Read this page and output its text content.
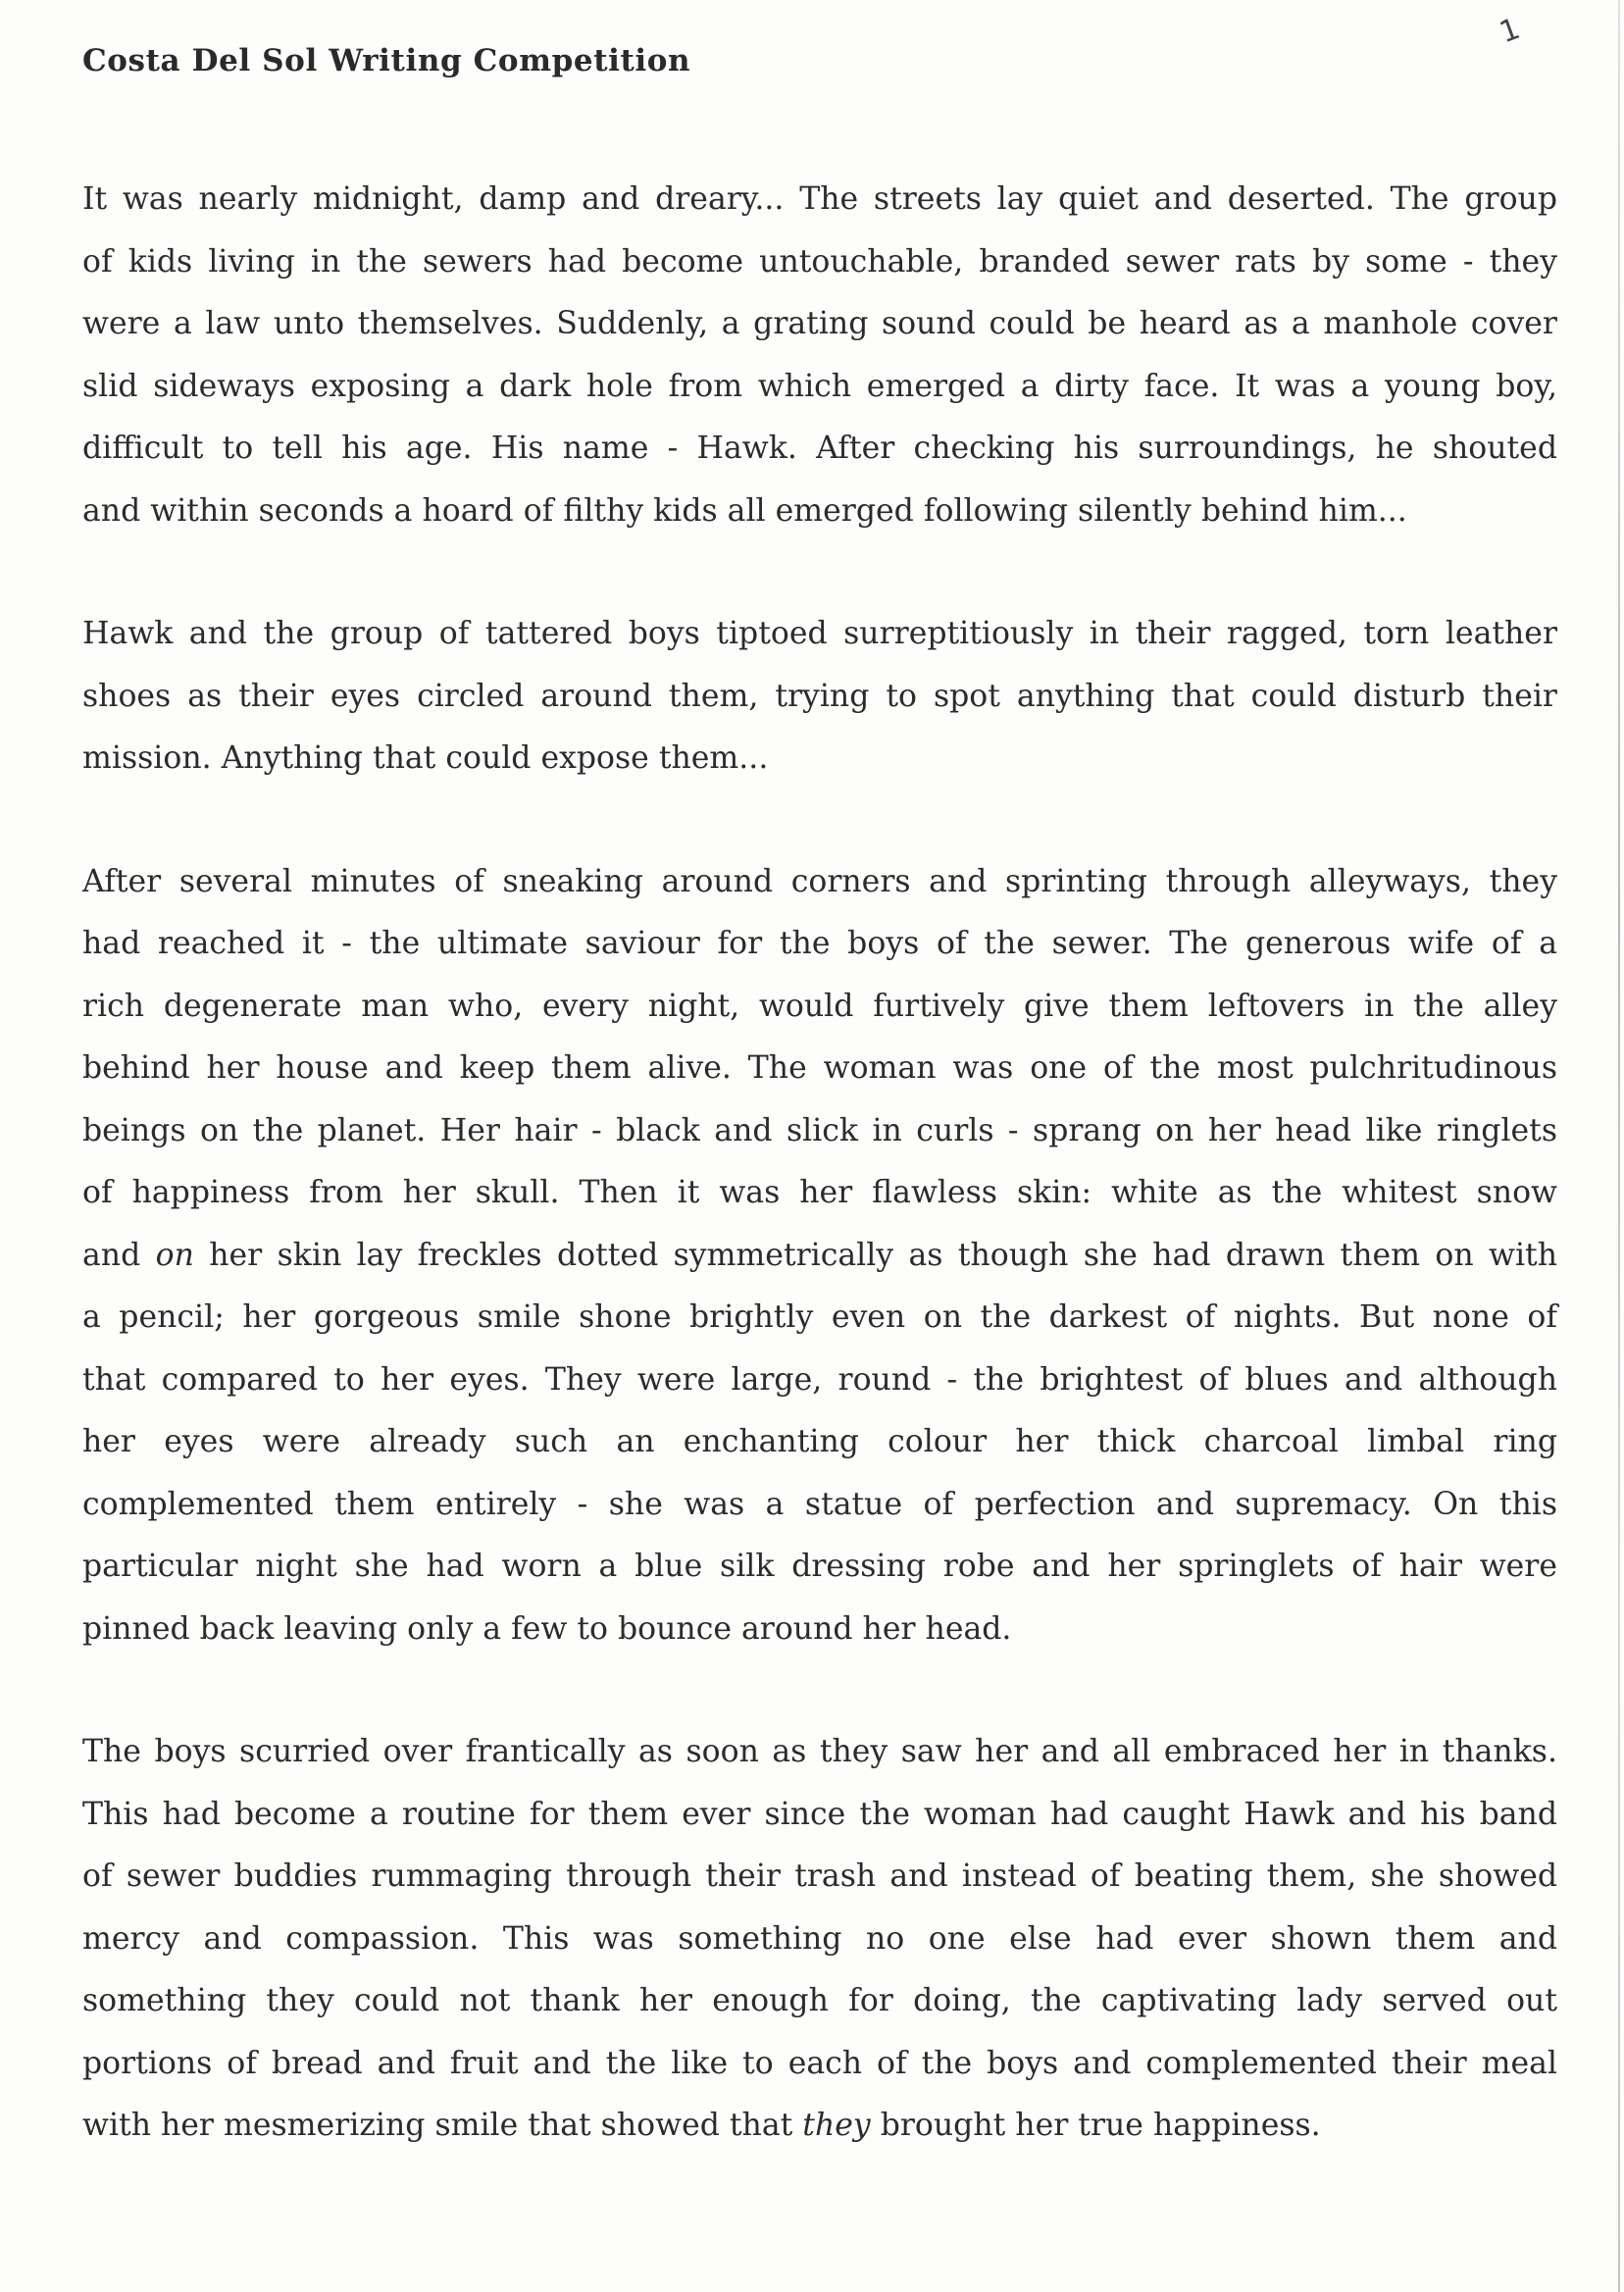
1
Costa Del Sol Writing Competition

It was nearly midnight, damp and dreary... The streets lay quiet and deserted. The group
of kids living in the sewers had become untouchable, branded sewer rats by some - they
were a law unto themselves. Suddenly, a grating sound could be heard as a manhole cover
slid sideways exposing a dark hole from which emerged a dirty face. It was a young boy,
difficult to tell his age. His name - Hawk. After checking his surroundings, he shouted
and within seconds a hoard of filthy kids all emerged following silently behind him...

Hawk and the group of tattered boys tiptoed surreptitiously in their ragged, torn leather
shoes as their eyes circled around them, trying to spot anything that could disturb their
mission. Anything that could expose them...

After several minutes of sneaking around corners and sprinting through alleyways, they
had reached it - the ultimate saviour for the boys of the sewer. The generous wife of a
rich degenerate man who, every night, would furtively give them leftovers in the alley
behind her house and keep them alive. The woman was one of the most pulchritudinous
beings on the planet. Her hair - black and slick in curls - sprang on her head like ringlets
of happiness from her skull. Then it was her flawless skin: white as the whitest snow
and on her skin lay freckles dotted symmetrically as though she had drawn them on with
a pencil; her gorgeous smile shone brightly even on the darkest of nights. But none of
that compared to her eyes. They were large, round - the brightest of blues and although
her eyes were already such an enchanting colour her thick charcoal limbal ring
complemented them entirely - she was a statue of perfection and supremacy. On this
particular night she had worn a blue silk dressing robe and her springlets of hair were
pinned back leaving only a few to bounce around her head.

The boys scurried over frantically as soon as they saw her and all embraced her in thanks.
This had become a routine for them ever since the woman had caught Hawk and his band
of sewer buddies rummaging through their trash and instead of beating them, she showed
mercy and compassion. This was something no one else had ever shown them and
something they could not thank her enough for doing, the captivating lady served out
portions of bread and fruit and the like to each of the boys and complemented their meal
with her mesmerizing smile that showed that they brought her true happiness.
